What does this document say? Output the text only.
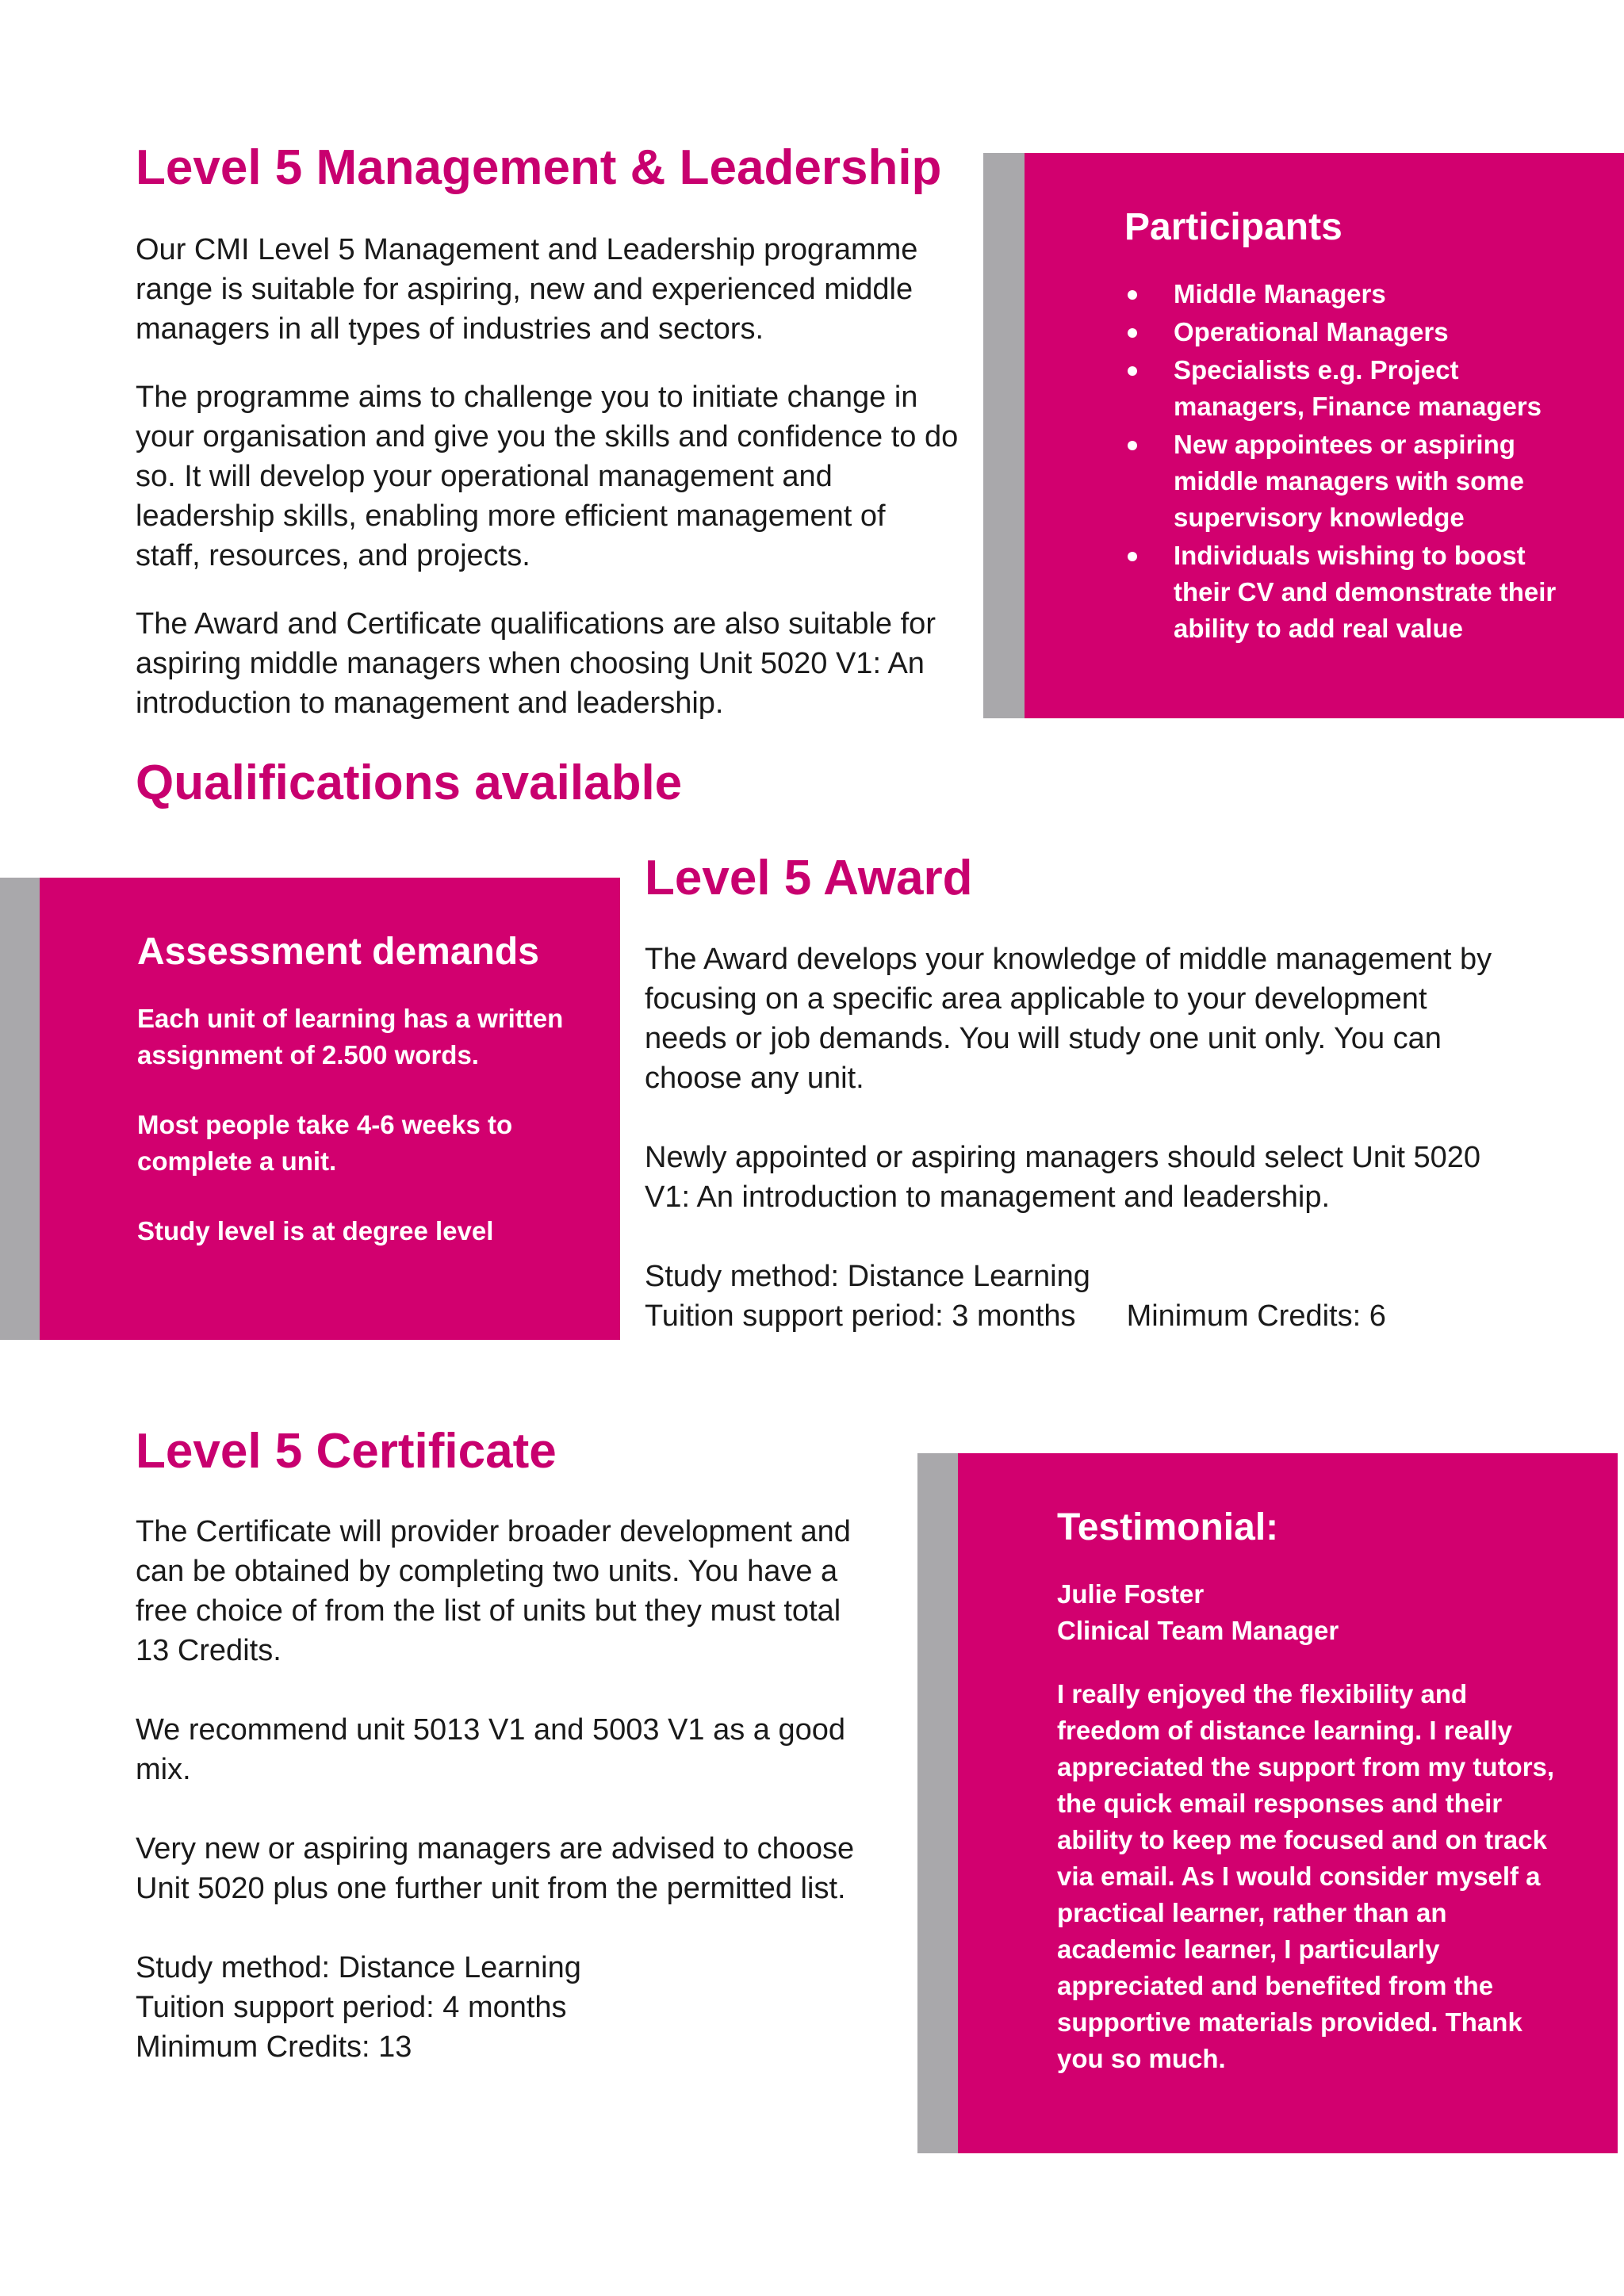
Level 5 Management & Leadership

Our CMI Level 5 Management and Leadership programme
range is suitable for aspiring, new and experienced middle
managers in all types of industries and sectors.

The programme aims to challenge you to initiate change in
your organisation and give you the skills and confidence to do
so. It will develop your operational management and
leadership skills, enabling more efficient management of
staff, resources, and projects.

The Award and Certificate qualifications are also suitable for
aspiring middle managers when choosing Unit 5020 V1: An
introduction to management and leadership.

Participants
Middle Managers
Operational Managers
Specialists e.g. Project
managers, Finance managers
New appointees or aspiring
middle managers with some
supervisory knowledge
Individuals wishing to boost
their CV and demonstrate their
ability to add real value
Qualifications available
Assessment demands

Each unit of learning has a written
assignment of 2.500 words.

Most people take 4-6 weeks to
complete a unit.

Study level is at degree level

Level 5 Award

The Award develops your knowledge of middle management by
focusing on a specific area applicable to your development
needs or job demands. You will study one unit only. You can
choose any unit.

Newly appointed or aspiring managers should select Unit 5020
V1: An introduction to management and leadership.

Study method: Distance Learning
Tuition support period: 3 months Minimum Credits: 6

Level 5 Certificate

The Certificate will provider broader development and
can be obtained by completing two units. You have a
free choice of from the list of units but they must total
13 Credits.

We recommend unit 5013 V1 and 5003 V1 as a good
mix.

Very new or aspiring managers are advised to choose
Unit 5020 plus one further unit from the permitted list.

Study method: Distance Learning
Tuition support period: 4 months
Minimum Credits: 13

Testimonial:

Julie Foster
Clinical Team Manager

I really enjoyed the flexibility and
freedom of distance learning. I really
appreciated the support from my tutors,
the quick email responses and their
ability to keep me focused and on track
via email. As I would consider myself a
practical learner, rather than an
academic learner, I particularly
appreciated and benefited from the
supportive materials provided. Thank
you so much.
